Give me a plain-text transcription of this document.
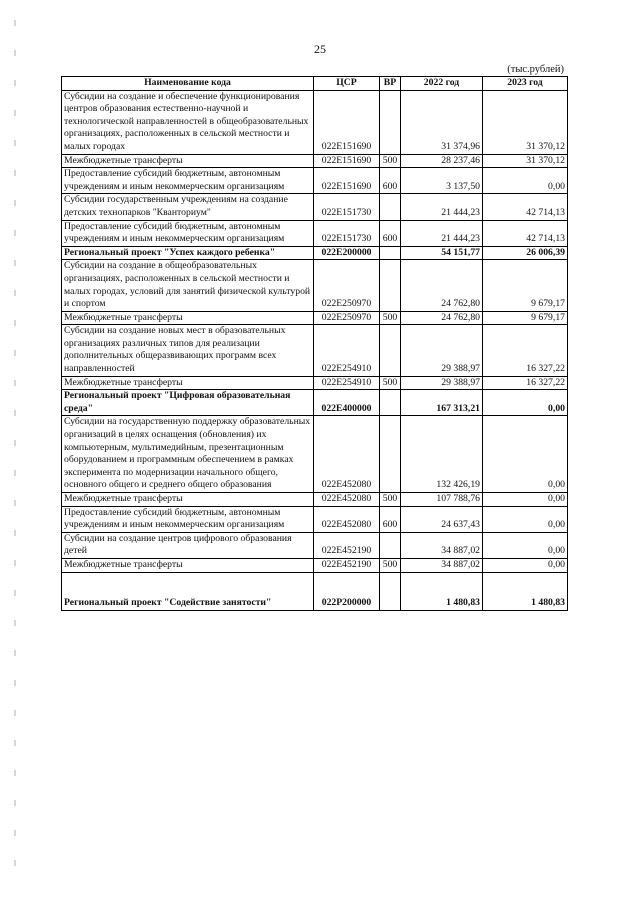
25
(тыс.рублей)
Наименование кода	ЦСР	ВР	2022 год	2023 год
Субсидии на создание и обеспечение функционирования центров образования естественно-научной и технологической направленностей в общеобразовательных организациях, расположенных в сельской местности и малых городах	022E151690		31 374,96	31 370,12
Межбюджетные трансферты	022E151690	500	28 237,46	31 370,12
Предоставление субсидий бюджетным, автономным учреждениям и иным некоммерческим организациям	022E151690	600	3 137,50	0,00
Субсидии государственным учреждениям на создание детских технопарков "Кванториум"	022E151730		21 444,23	42 714,13
Предоставление субсидий бюджетным, автономным учреждениям и иным некоммерческим организациям	022E151730	600	21 444,23	42 714,13
Региональный проект "Успех каждого ребенка"	022E200000		54 151,77	26 006,39
Субсидии на создание в общеобразовательных организациях, расположенных в сельской местности и малых городах, условий для занятий физической культурой и спортом	022E250970		24 762,80	9 679,17
Межбюджетные трансферты	022E250970	500	24 762,80	9 679,17
Субсидии на создание новых мест в образовательных организациях различных типов для реализации дополнительных общеразвивающих программ всех направленностей	022E254910		29 388,97	16 327,22
Межбюджетные трансферты	022E254910	500	29 388,97	16 327,22
Региональный проект "Цифровая образовательная среда"	022E400000		167 313,21	0,00
Субсидии на государственную поддержку образовательных организаций в целях оснащения (обновления) их компьютерным, мультимедийным, презентационным оборудованием и программным обеспечением в рамках эксперимента по модернизации начального общего, основного общего и среднего общего образования	022E452080		132 426,19	0,00
Межбюджетные трансферты	022E452080	500	107 788,76	0,00
Предоставление субсидий бюджетным, автономным учреждениям и иным некоммерческим организациям	022E452080	600	24 637,43	0,00
Субсидии на создание центров цифрового образования детей	022E452190		34 887,02	0,00
Межбюджетные трансферты	022E452190	500	34 887,02	0,00
Региональный проект "Содействие занятости"	022P200000		1 480,83	1 480,83
